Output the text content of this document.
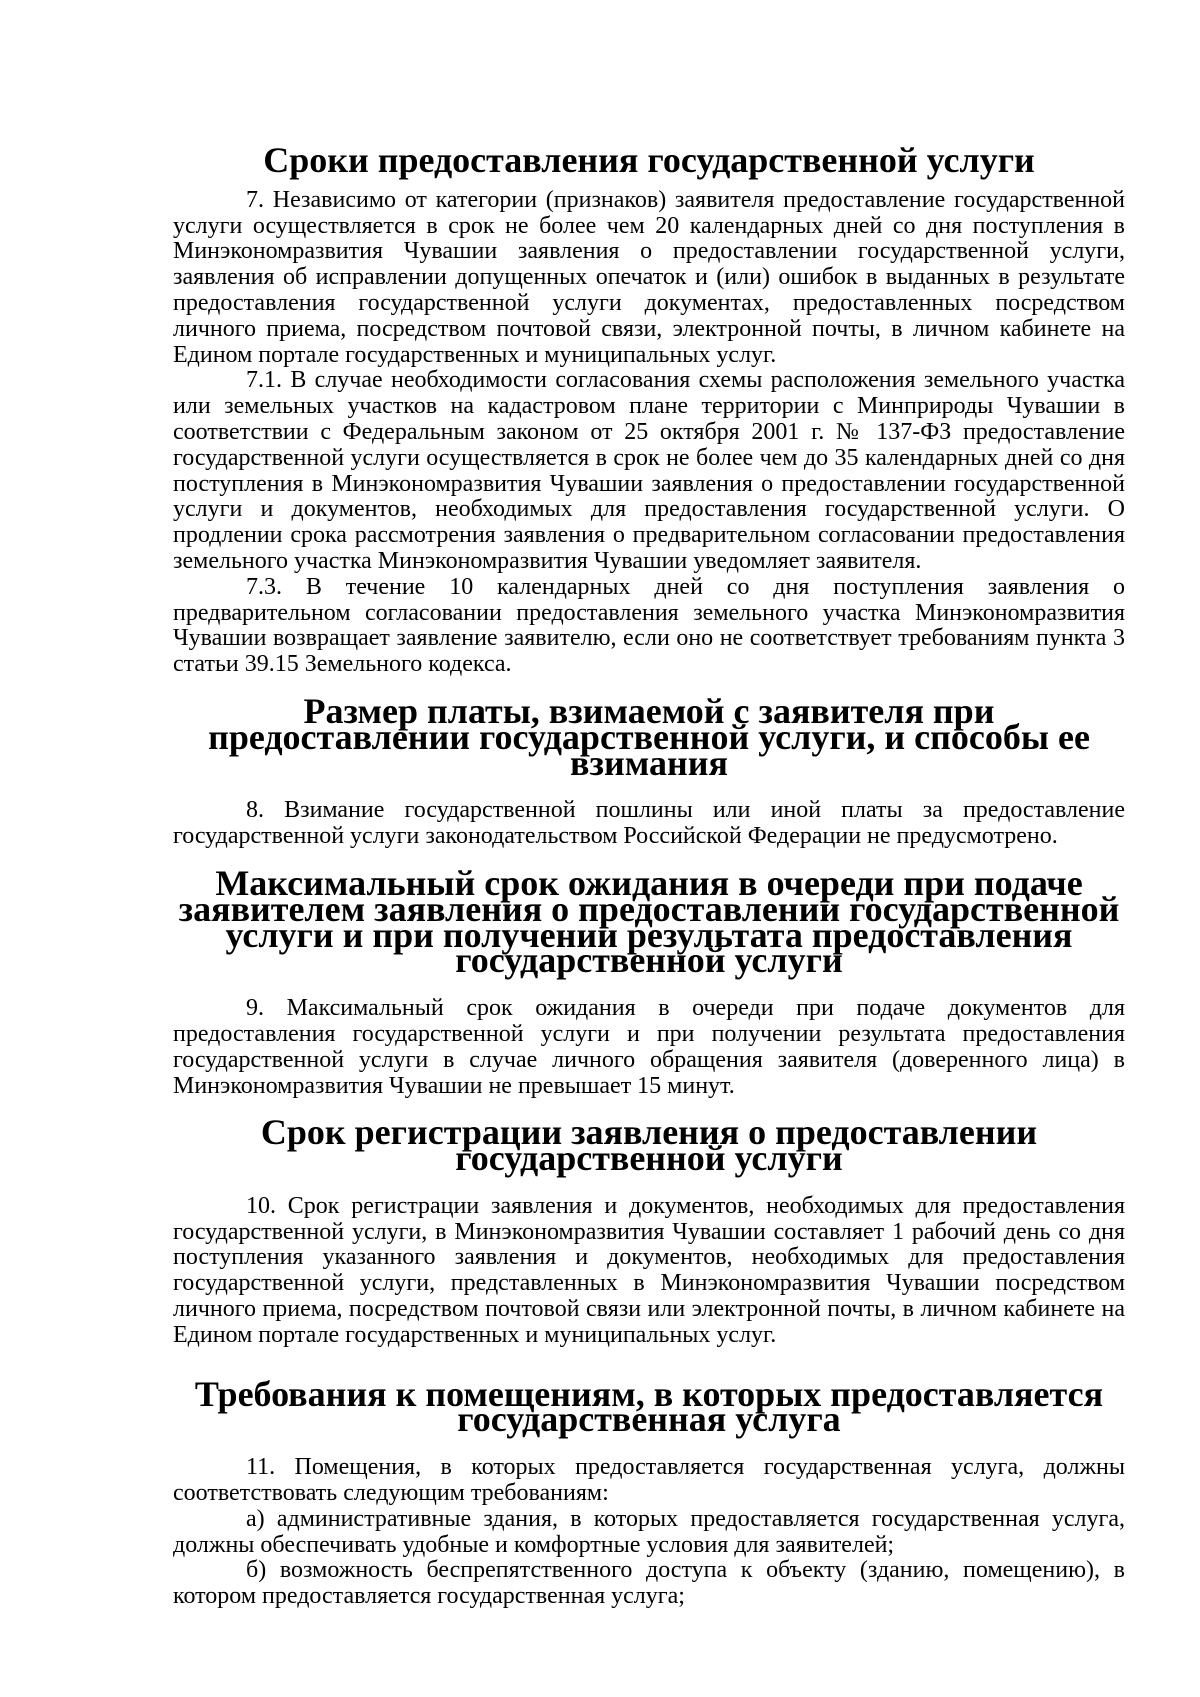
Сроки предоставления государственной услуги

7. Независимо от категории (признаков) заявителя предоставление государственной услуги осуществляется в срок не более чем 20 календарных дней со дня поступления в Минэкономразвития Чувашии заявления о предоставлении государственной услуги, заявления об исправлении допущенных опечаток и (или) ошибок в выданных в результате предоставления государственной услуги документах, предоставленных посредством личного приема, посредством почтовой связи, электронной почты, в личном кабинете на Едином портале государственных и муниципальных услуг.

7.1. В случае необходимости согласования схемы расположения земельного участка или земельных участков на кадастровом плане территории с Минприроды Чувашии в соответствии с Федеральным законом от 25 октября 2001 г. № 137-ФЗ предоставление государственной услуги осуществляется в срок не более чем до 35 календарных дней со дня поступления в Минэкономразвития Чувашии заявления о предоставлении государственной услуги и документов, необходимых для предоставления государственной услуги. О продлении срока рассмотрения заявления о предварительном согласовании предоставления земельного участка Минэкономразвития Чувашии уведомляет заявителя.

7.3. В течение 10 календарных дней со дня поступления заявления о предварительном согласовании предоставления земельного участка Минэкономразвития Чувашии возвращает заявление заявителю, если оно не соответствует требованиям пункта 3 статьи 39.15 Земельного кодекса.

Размер платы, взимаемой с заявителя при предоставлении государственной услуги, и способы ее взимания

8. Взимание государственной пошлины или иной платы за предоставление государственной услуги законодательством Российской Федерации не предусмотрено.

Максимальный срок ожидания в очереди при подаче заявителем заявления о предоставлении государственной услуги и при получении результата предоставления государственной услуги

9. Максимальный срок ожидания в очереди при подаче документов для предоставления государственной услуги и при получении результата предоставления государственной услуги в случае личного обращения заявителя (доверенного лица) в Минэкономразвития Чувашии не превышает 15 минут.

Срок регистрации заявления о предоставлении государственной услуги

10. Срок регистрации заявления и документов, необходимых для предоставления государственной услуги, в Минэкономразвития Чувашии составляет 1 рабочий день со дня поступления указанного заявления и документов, необходимых для предоставления государственной услуги, представленных в Минэкономразвития Чувашии посредством личного приема, посредством почтовой связи или электронной почты, в личном кабинете на Едином портале государственных и муниципальных услуг.

Требования к помещениям, в которых предоставляется государственная услуга

11. Помещения, в которых предоставляется государственная услуга, должны соответствовать следующим требованиям:

а) административные здания, в которых предоставляется государственная услуга, должны обеспечивать удобные и комфортные условия для заявителей;

б) возможность беспрепятственного доступа к объекту (зданию, помещению), в котором предоставляется государственная услуга;
